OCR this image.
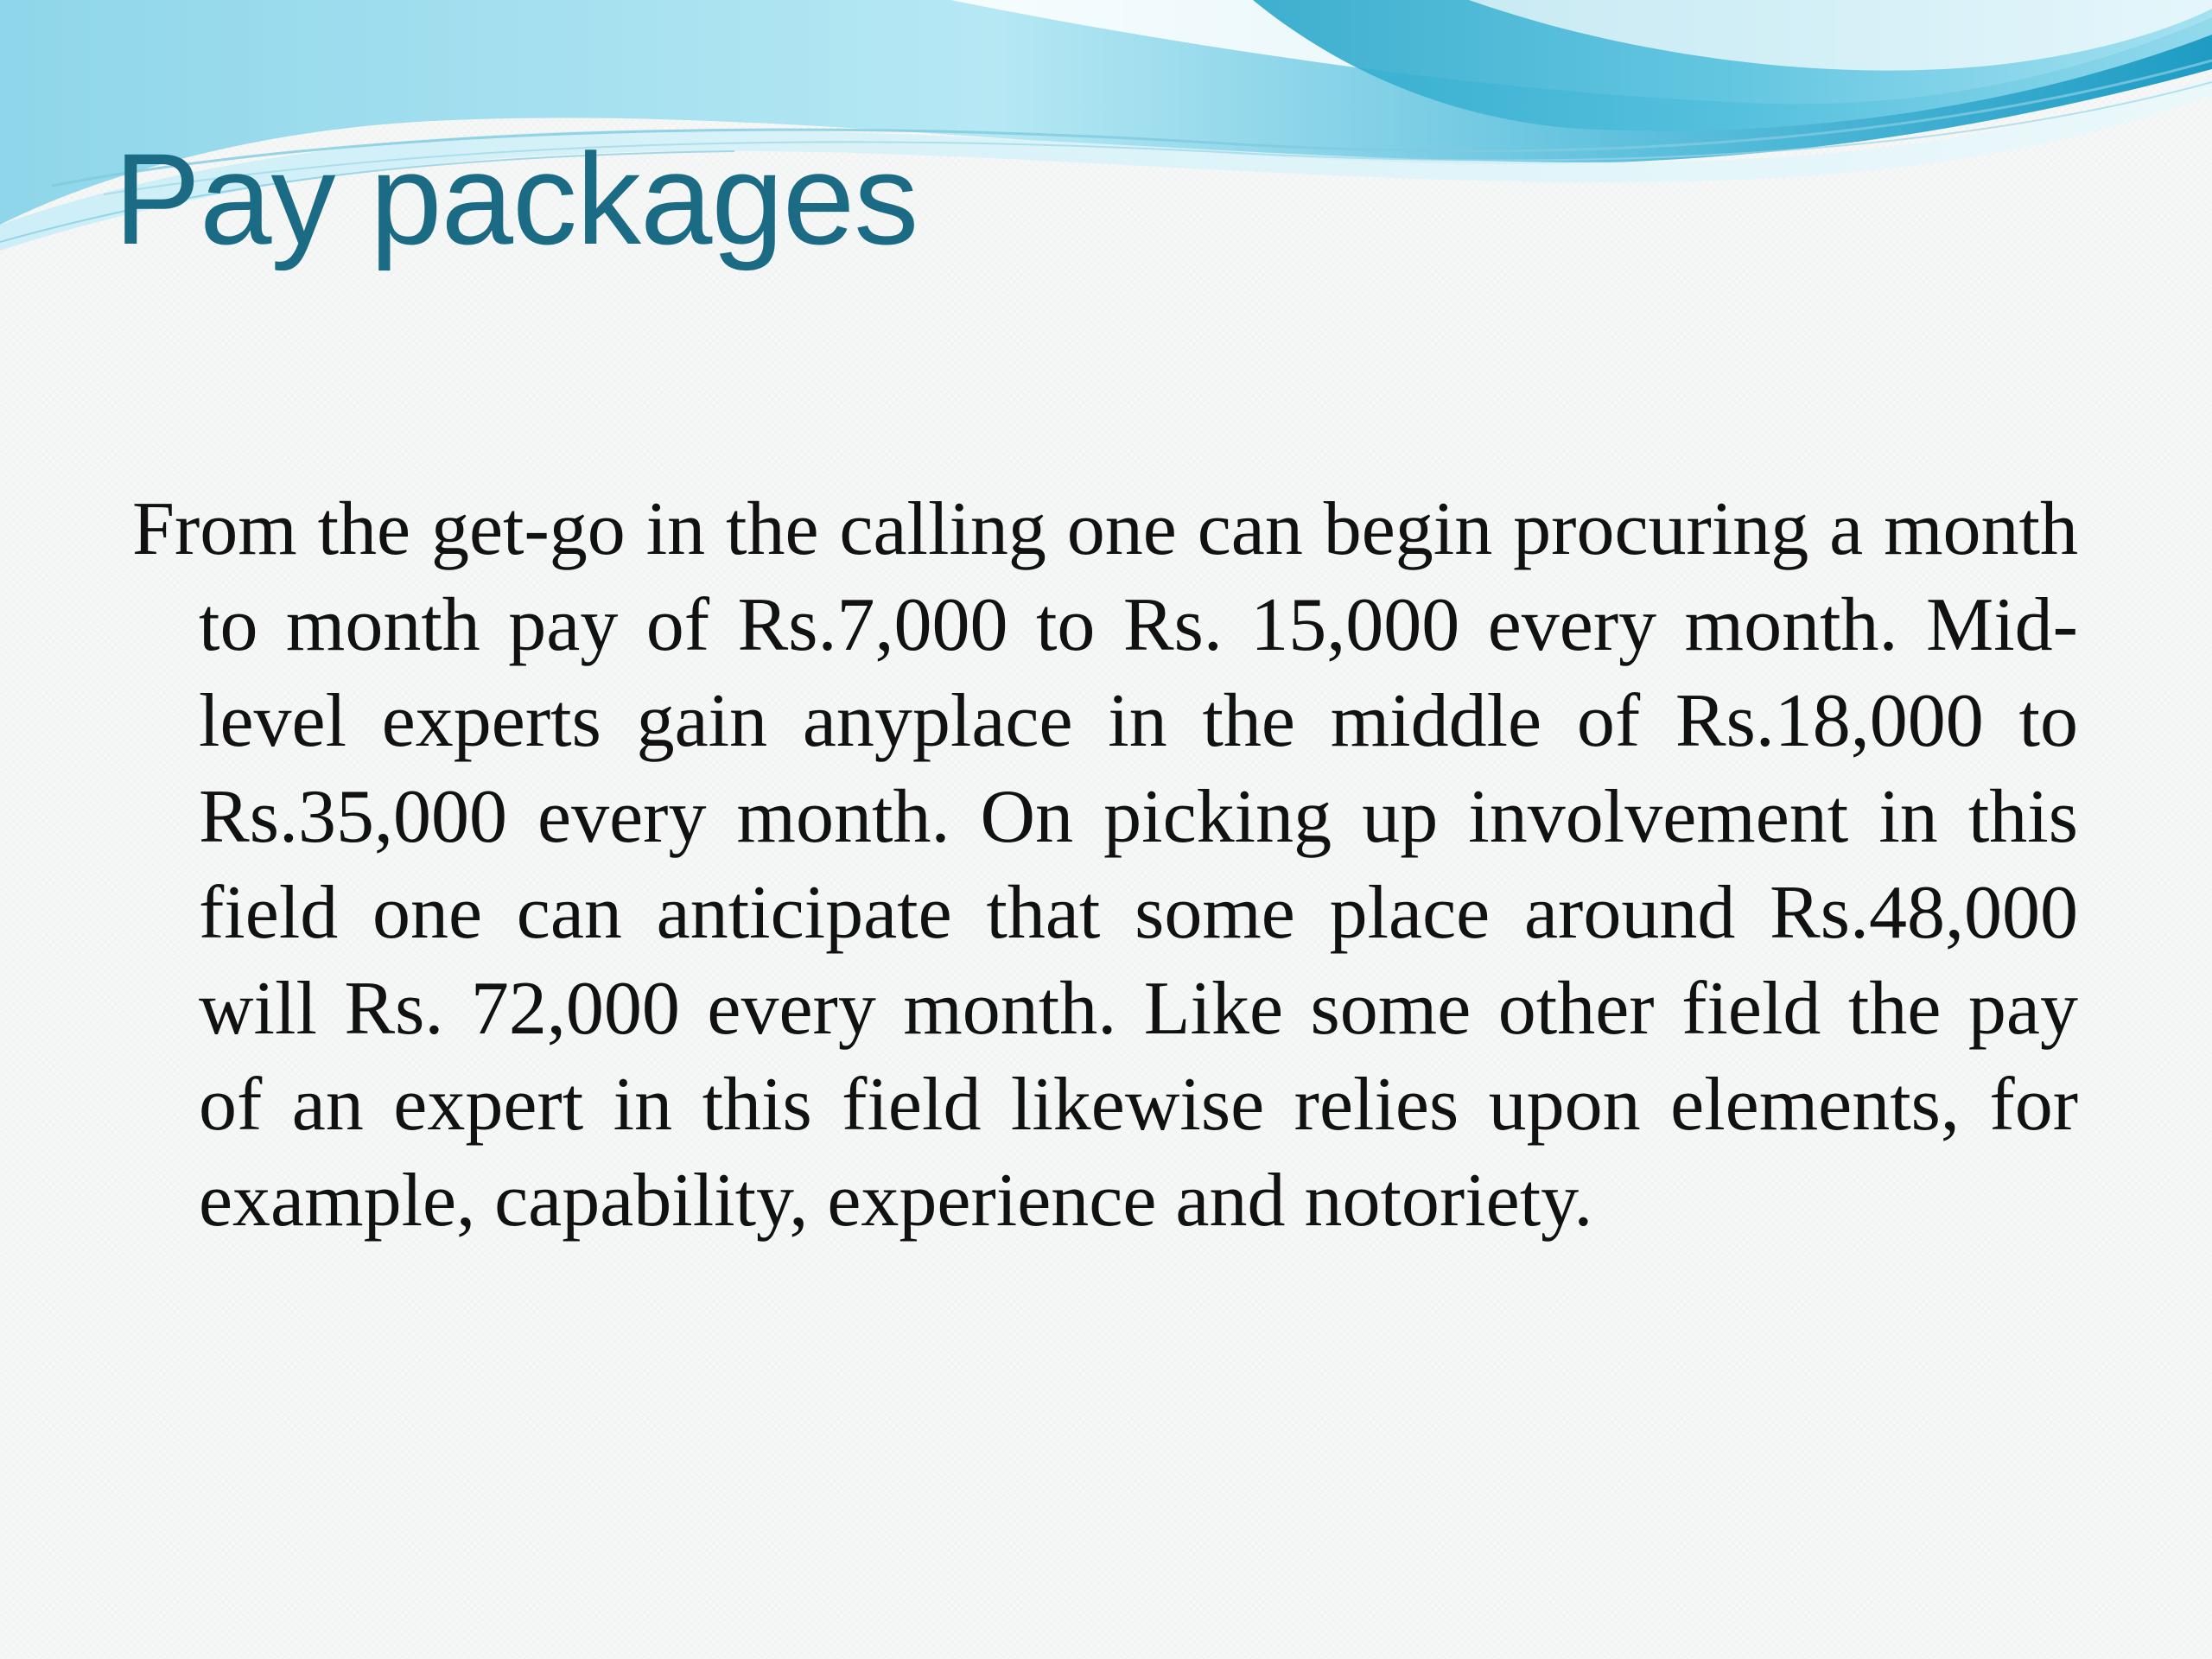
Pay packages

From the get-go in the calling one can begin procuring a month to month pay of Rs.7,000 to Rs. 15,000 every month. Mid-level experts gain anyplace in the middle of Rs.18,000 to Rs.35,000 every month. On picking up involvement in this field one can anticipate that some place around Rs.48,000 will Rs. 72,000 every month. Like some other field the pay of an expert in this field likewise relies upon elements, for example, capability, experience and notoriety.
